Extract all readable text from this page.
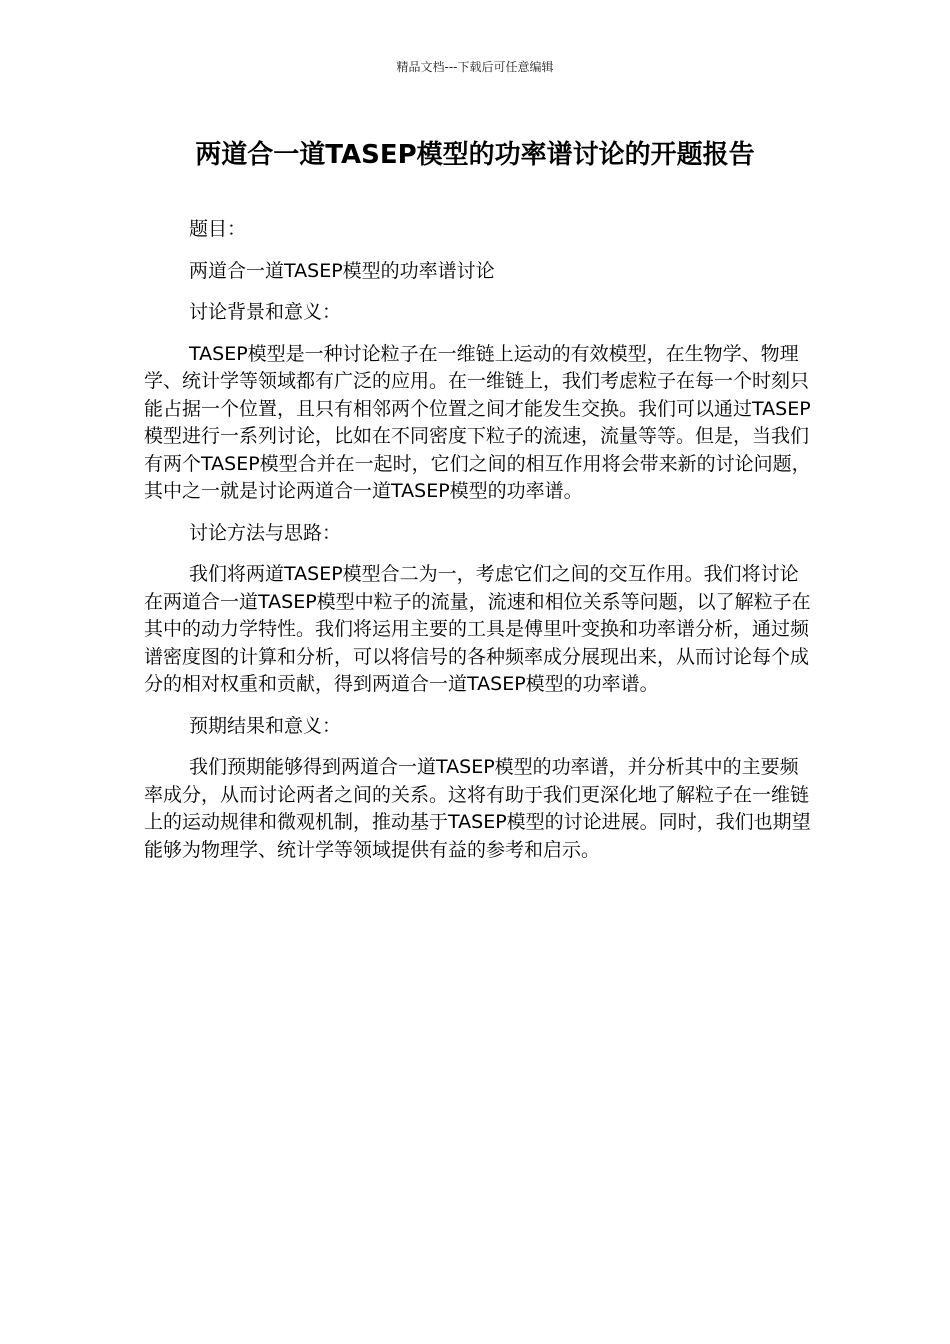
精品文档---下载后可任意编辑
两道合一道TASEP模型的功率谱讨论的开题报告

题目：

两道合一道TASEP模型的功率谱讨论

讨论背景和意义：

TASEP模型是一种讨论粒子在一维链上运动的有效模型，在生物学、物理学、统计学等领域都有广泛的应用。在一维链上，我们考虑粒子在每一个时刻只能占据一个位置，且只有相邻两个位置之间才能发生交换。我们可以通过TASEP模型进行一系列讨论，比如在不同密度下粒子的流速，流量等等。但是，当我们有两个TASEP模型合并在一起时，它们之间的相互作用将会带来新的讨论问题，其中之一就是讨论两道合一道TASEP模型的功率谱。

讨论方法与思路：

我们将两道TASEP模型合二为一，考虑它们之间的交互作用。我们将讨论在两道合一道TASEP模型中粒子的流量，流速和相位关系等问题，以了解粒子在其中的动力学特性。我们将运用主要的工具是傅里叶变换和功率谱分析，通过频谱密度图的计算和分析，可以将信号的各种频率成分展现出来，从而讨论每个成分的相对权重和贡献，得到两道合一道TASEP模型的功率谱。

预期结果和意义：

我们预期能够得到两道合一道TASEP模型的功率谱，并分析其中的主要频率成分，从而讨论两者之间的关系。这将有助于我们更深化地了解粒子在一维链上的运动规律和微观机制，推动基于TASEP模型的讨论进展。同时，我们也期望能够为物理学、统计学等领域提供有益的参考和启示。
